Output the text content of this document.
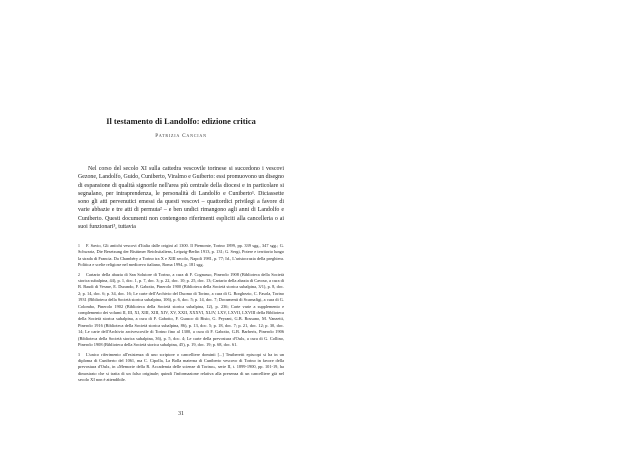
Il testamento di Landolfo: edizione critica
Patrizia Cancian

Nel corso del secolo XI sulla cattedra vescovile torinese si succedono i vescovi Gezone, Landolfo, Guido, Cuniberto, Viralmo e Guiberto: essi promuovono un disegno di espansione di qualità signorile nell'area più centrale della diocesi e in particolare si segnalano, per intraprendenza, le personalità di Landolfo e Cuniberto¹. Diciassette sono gli atti pervenutici emessi da questi vescovi – quattordici privilegi a favore di varie abbazie e tre atti di permuta² – e ben undici rimangono agli anni di Landolfo e Cuniberto. Questi documenti non contengono riferimenti espliciti alla cancelleria o ai suoi funzionari³, tuttavia

1 F. Savio, Gli antichi vescovi d'Italia dalle origini al 1300. Il Piemonte, Torino 1899, pp. 339 sgg., 347 sgg.; G. Schwartz, Die Besetzung der Bistümer Reichsitaliens, Leipzig-Berlin 1913, p. 131; G. Sergi, Potere e territorio lungo la strada di Francia. Da Chambéry a Torino tra X e XIII secolo, Napoli 1981, p. 77; Id., L'aristocrazia della preghiera. Politica e scelte religiose nel medioevo italiano, Roma 1994, p. 181 sgg.
2 Cartario della abazia di San Solutore di Torino, a cura di F. Cognasso, Pinerolo 1908 (Biblioteca della Società storica subalpina, 44), p. 1, doc. 1, p. 7, doc. 3; p. 22, doc. 10; p. 25, doc. 13; Cartario della abazia di Cavour, a cura di B. Baudi di Vesme, E. Durando, F. Gabotto, Pinerolo 1900 (Biblioteca della Società storica subalpina, 3/1), p. 8, doc. 2; p. 14, doc. 6; p. 34, doc. 16; Le carte dell'Archivio del Duomo di Torino, a cura di G. Borghezio, C. Fasola, Torino 1931 (Biblioteca della Società storica subalpina, 106), p. 6, doc. 5; p. 14, doc. 7; Documenti di Scarnafigi, a cura di G. Colombo, Pinerolo 1902 (Biblioteca della Società storica subalpina, 12), p. 236; Carte varie a supplemento e complemento dei volumi II, III, XI, XIII, XIII, XIV, XV, XXII, XXXVI, XLIV, LXV, LXVII, LXVIII della Biblioteca della Società storica subalpina, a cura di F. Gabotto, F. Guasco di Bisio, G. Peyrani, G.B. Rossano, M. Vanzetti, Pinerolo 1916 (Biblioteca della Società storica subalpina, 86), p. 13, doc. 5; p. 18, doc. 7; p. 21, doc. 12; p. 30, doc. 14; Le carte dell'Archivio arcivescovile di Torino fino al 1300, a cura di F. Gabotto, G.B. Barberis, Pinerolo 1906 (Biblioteca della Società storica subalpina, 36), p. 5, doc. 4; Le carte della prevostura d'Oulx, a cura di G. Collino, Pinerolo 1908 (Biblioteca della Società storica subalpina, 45), p. 19, doc. 19; p. 68, doc. 61.
3 L'unico riferimento all'esistenza di uno scriptore o cancelliere dominii [...] Teutberetti episcopi si ha in un diploma di Cuniberto del 1061, ma C. Cipolla, La Bolla materna di Cuniberto vescovo di Torino in favore della prevostura d'Oulx, in «Memorie della R. Accademia delle scienze di Torino», serie II, t. 1899-1900, pp. 101-19, ha dimostrato che si tratta di un falso originale; quindi l'informazione relativa alla presenza di un cancelliere già nel secolo XI non è attendibile.
31
